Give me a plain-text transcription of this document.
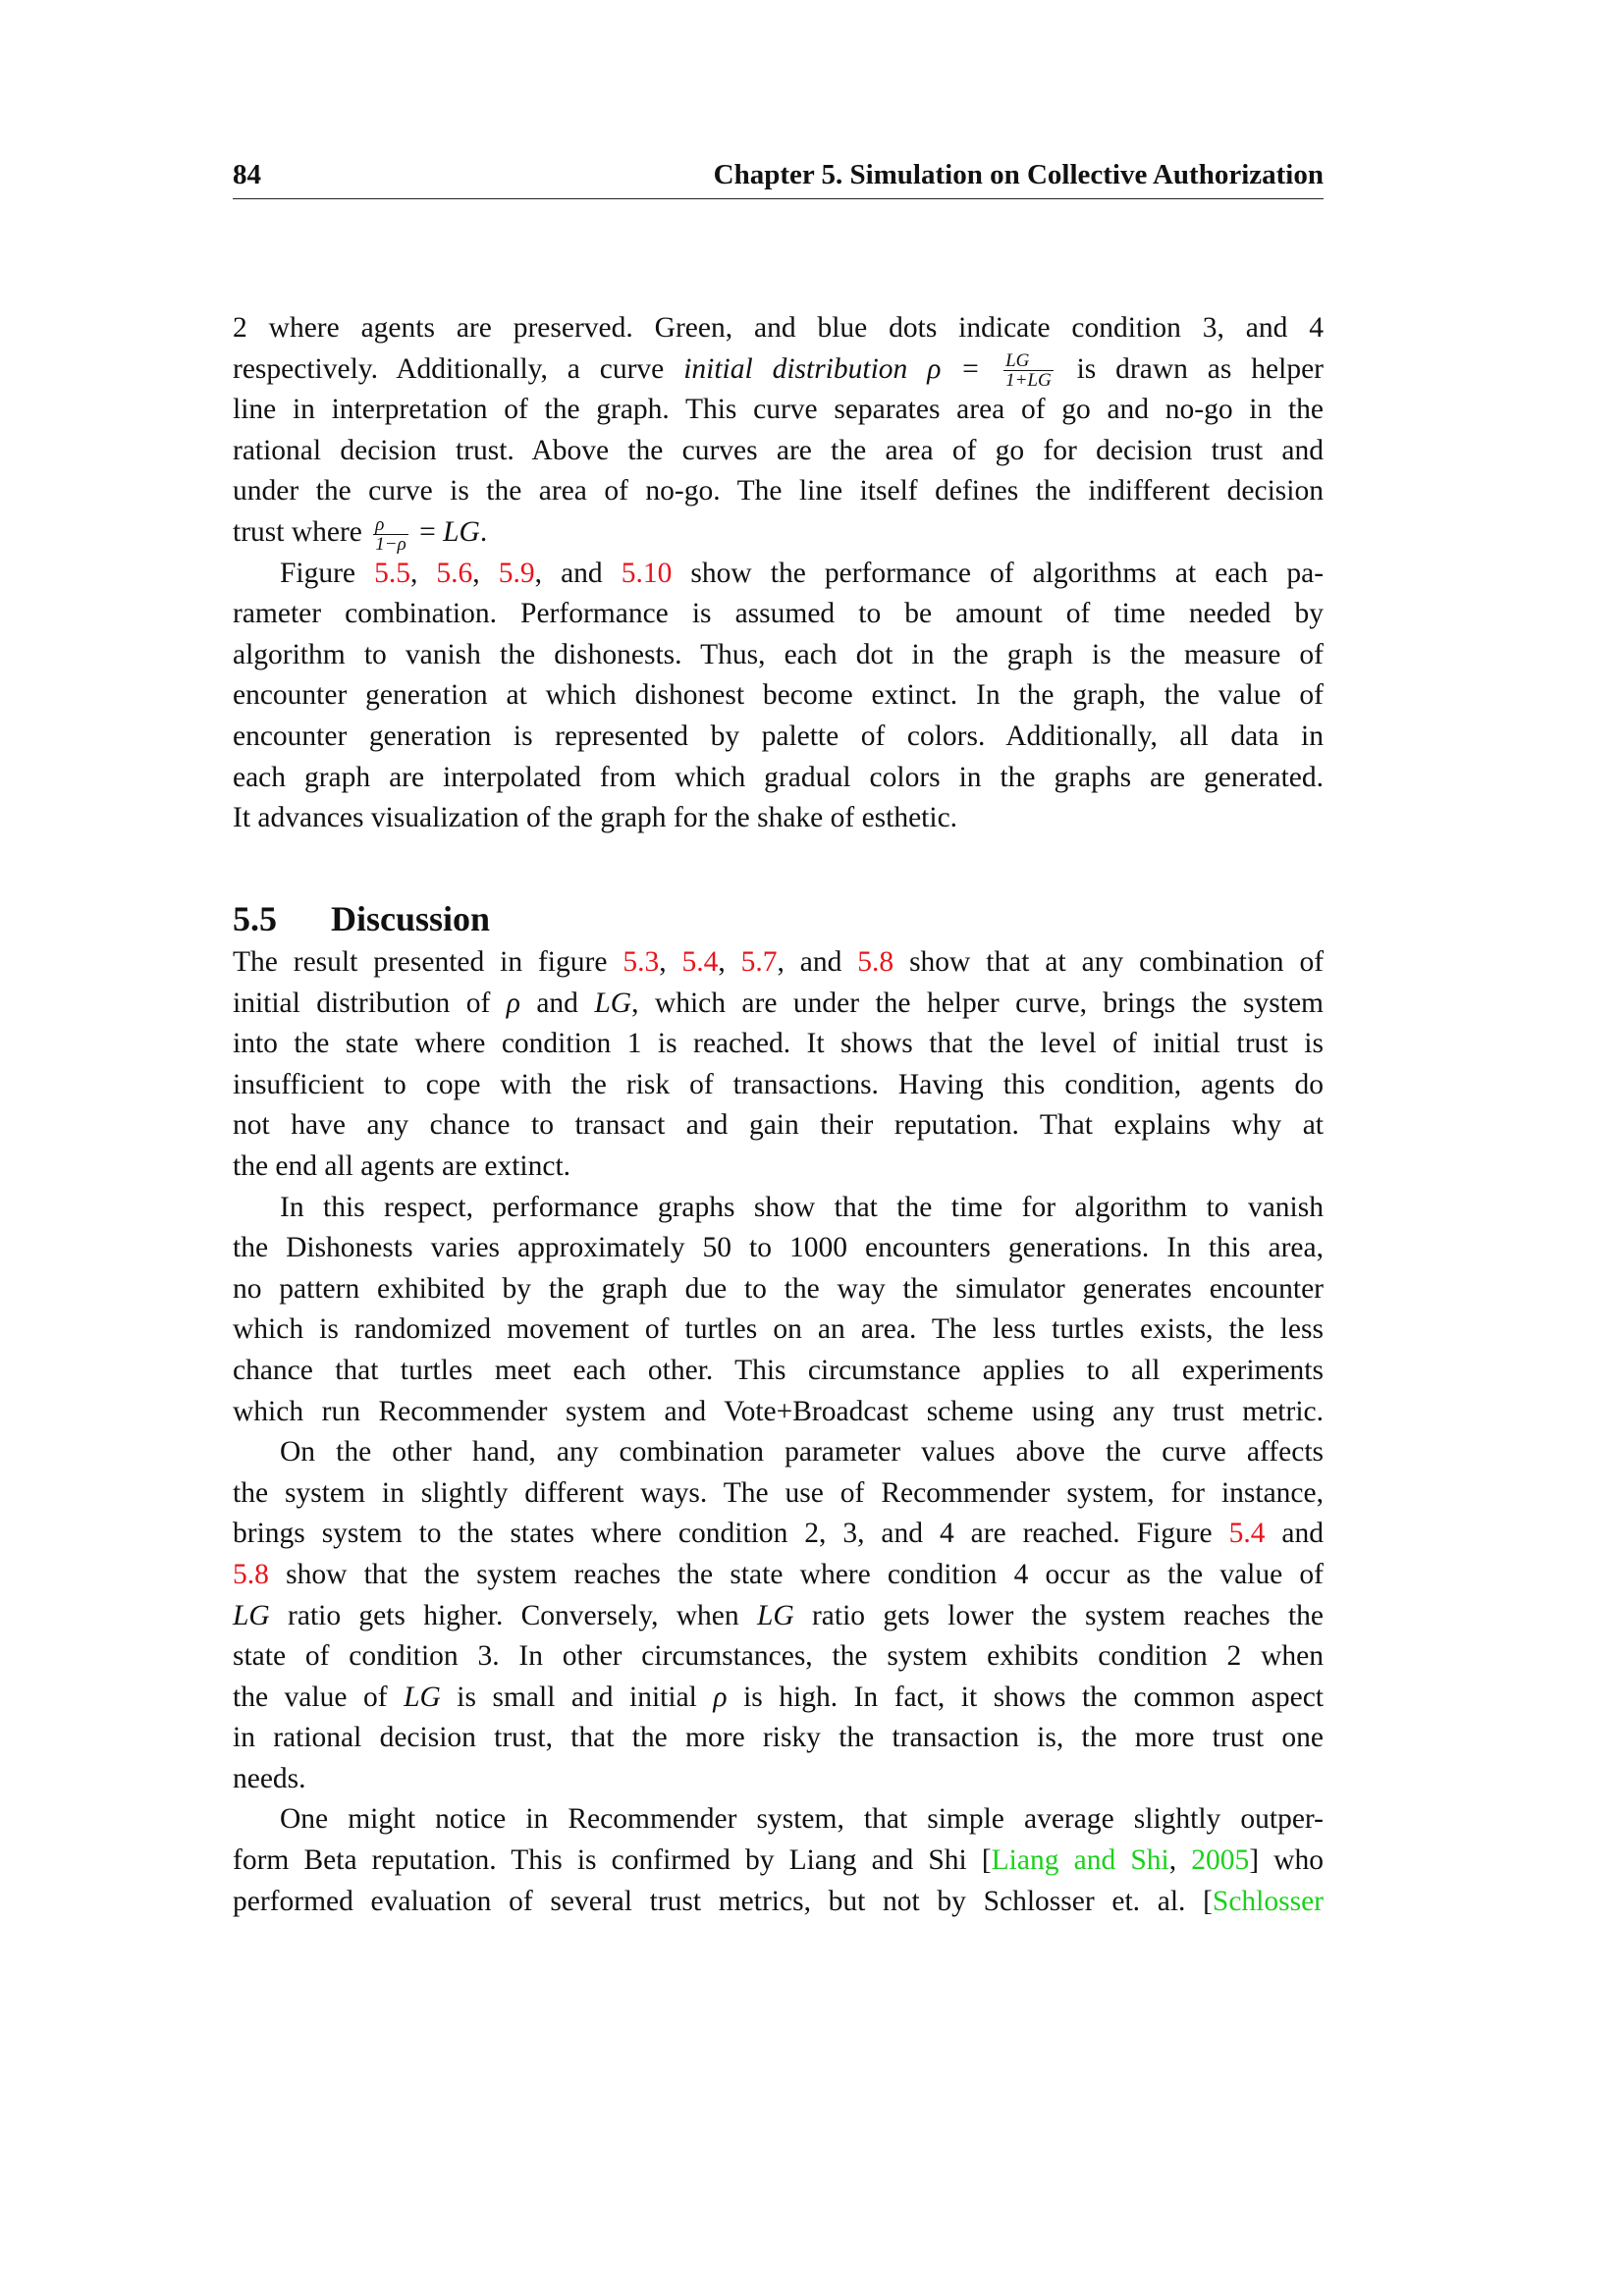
84	Chapter 5. Simulation on Collective Authorization
2 where agents are preserved. Green, and blue dots indicate condition 3, and 4
respectively. Additionally, a curve initial distribution $\rho = \frac{LG}{1+LG}$ is drawn as helper
line in interpretation of the graph. This curve separates area of go and no-go in the
rational decision trust. Above the curves are the area of go for decision trust and
under the curve is the area of no-go. The line itself defines the indifferent decision
trust where $\frac{\rho}{1-\rho}$ = LG.
Figure 5.5, 5.6, 5.9, and 5.10 show the performance of algorithms at each pa-
rameter combination. Performance is assumed to be amount of time needed by
algorithm to vanish the dishonests. Thus, each dot in the graph is the measure of
encounter generation at which dishonest become extinct. In the graph, the value of
encounter generation is represented by palette of colors. Additionally, all data in
each graph are interpolated from which gradual colors in the graphs are generated.
It advances visualization of the graph for the shake of esthetic.
5.5 Discussion
The result presented in figure 5.3, 5.4, 5.7, and 5.8 show that at any combination of
initial distribution of ρ and LG, which are under the helper curve, brings the system
into the state where condition 1 is reached. It shows that the level of initial trust is
insufficient to cope with the risk of transactions. Having this condition, agents do
not have any chance to transact and gain their reputation. That explains why at
the end all agents are extinct.
In this respect, performance graphs show that the time for algorithm to vanish
the Dishonests varies approximately 50 to 1000 encounters generations. In this area,
no pattern exhibited by the graph due to the way the simulator generates encounter
which is randomized movement of turtles on an area. The less turtles exists, the less
chance that turtles meet each other. This circumstance applies to all experiments
which run Recommender system and Vote+Broadcast scheme using any trust metric.
On the other hand, any combination parameter values above the curve affects
the system in slightly different ways. The use of Recommender system, for instance,
brings system to the states where condition 2, 3, and 4 are reached. Figure 5.4 and
5.8 show that the system reaches the state where condition 4 occur as the value of
LG ratio gets higher. Conversely, when LG ratio gets lower the system reaches the
state of condition 3. In other circumstances, the system exhibits condition 2 when
the value of LG is small and initial ρ is high. In fact, it shows the common aspect
in rational decision trust, that the more risky the transaction is, the more trust one
needs.
One might notice in Recommender system, that simple average slightly outper-
form Beta reputation. This is confirmed by Liang and Shi [Liang and Shi, 2005] who
performed evaluation of several trust metrics, but not by Schlosser et. al. [Schlosser
